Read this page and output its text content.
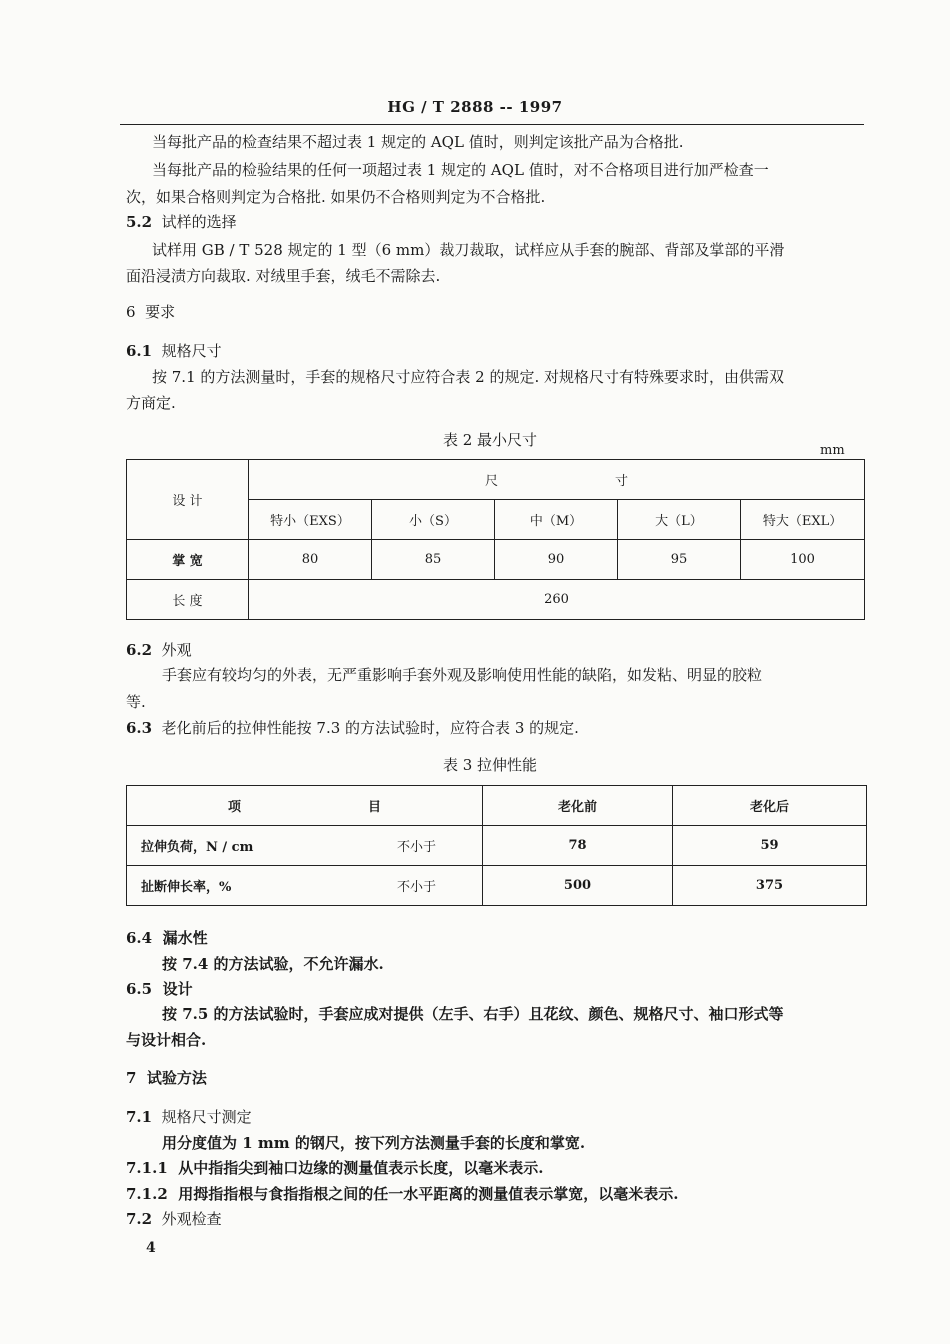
HG / T 2888 -- 1997
当每批产品的检查结果不超过表 1 规定的 AQL 值时，则判定该批产品为合格批.
当每批产品的检验结果的任何一项超过表 1 规定的 AQL 值时，对不合格项目进行加严检查一
次，如果合格则判定为合格批. 如果仍不合格则判定为不合格批.
5.2 试样的选择
试样用 GB / T 528 规定的 1 型（6 mm）裁刀裁取，试样应从手套的腕部、背部及掌部的平滑
面沿浸渍方向裁取. 对绒里手套，绒毛不需除去.
6 要求
6.1 规格尺寸
按 7.1 的方法测量时，手套的规格尺寸应符合表 2 的规定. 对规格尺寸有特殊要求时，由供需双
方商定.
表 2 最小尺寸
mm
设 计	尺 寸				
	特小（EXS）	小（S）	中（M）	大（L）	特大（EXL）
掌 宽	80	85	90	95	100
长 度	260				
6.2 外观
手套应有较均匀的外表，无严重影响手套外观及影响使用性能的缺陷，如发粘、明显的胶粒
等.
6.3 老化前后的拉伸性能按 7.3 的方法试验时，应符合表 3 的规定.
表 3 拉伸性能
项 目	老化前	老化后

拉伸负荷，N / cm 不小于	78	59

扯断伸长率，% 不小于	500	375
6.4 漏水性
按 7.4 的方法试验，不允许漏水.
6.5 设计
按 7.5 的方法试验时，手套应成对提供（左手、右手）且花纹、颜色、规格尺寸、袖口形式等
与设计相合.
7 试验方法
7.1 规格尺寸测定
用分度值为 1 mm 的钢尺，按下列方法测量手套的长度和掌宽.
7.1.1 从中指指尖到袖口边缘的测量值表示长度，以毫米表示.
7.1.2 用拇指指根与食指指根之间的任一水平距离的测量值表示掌宽，以毫米表示.
7.2 外观检查
4
